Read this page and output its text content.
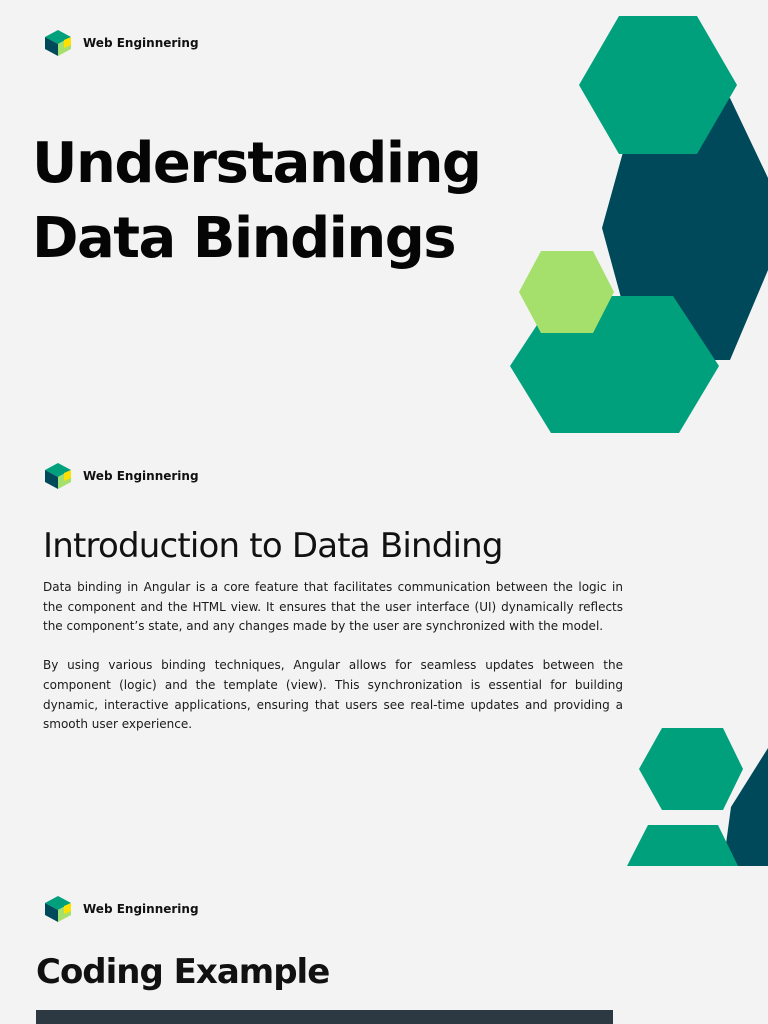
Web Enginnering
Understanding
Data Bindings
Web Enginnering
Introduction to Data Binding

Data binding in Angular is a core feature that facilitates communication between the logic in the component and the HTML view. It ensures that the user interface (UI) dynamically reflects the component’s state, and any changes made by the user are synchronized with the model.

By using various binding techniques, Angular allows for seamless updates between the component (logic) and the template (view). This synchronization is essential for building dynamic, interactive applications, ensuring that users see real-time updates and providing a smooth user experience.

Web Enginnering
Coding Example
